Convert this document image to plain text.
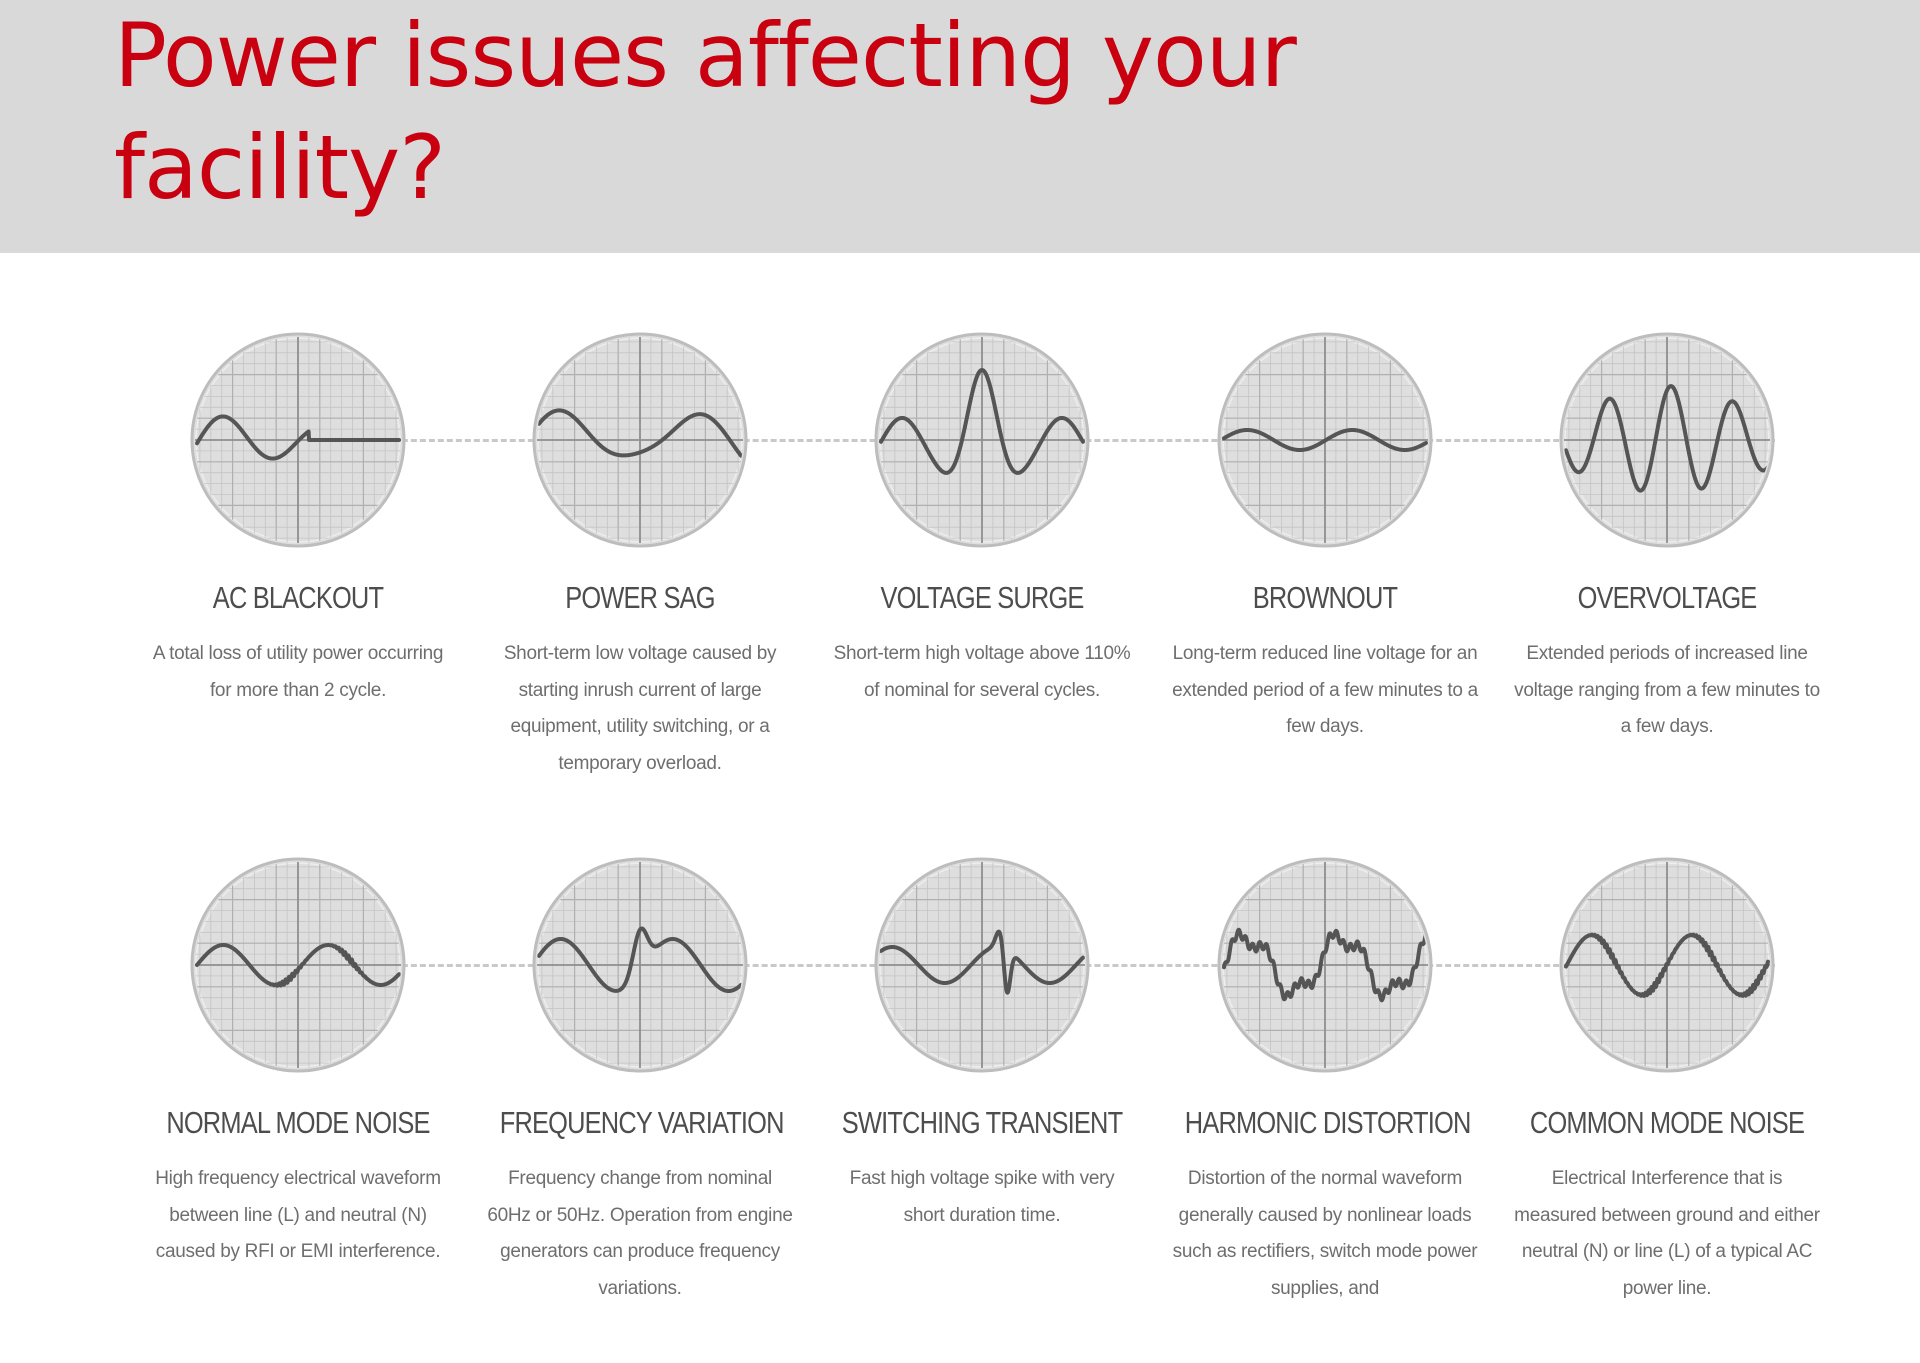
Power issues affecting your facility?
AC BLACKOUT
A total loss of utility power occurring for more than 2 cycle.
POWER SAG
Short-term low voltage caused by starting inrush current of large equipment, utility switching, or a temporary overload.
VOLTAGE SURGE
Short-term high voltage above 110% of nominal for several cycles.
BROWNOUT
Long-term reduced line voltage for an extended period of a few minutes to a few days.
OVERVOLTAGE
Extended periods of increased line voltage ranging from a few minutes to a few days.
NORMAL MODE NOISE
High frequency electrical waveform between line (L) and neutral (N) caused by RFI or EMI interference.
FREQUENCY VARIATION
Frequency change from nominal 60Hz or 50Hz. Operation from engine generators can produce frequency variations.
SWITCHING TRANSIENT
Fast high voltage spike with very short duration time.
HARMONIC DISTORTION
Distortion of the normal waveform generally caused by nonlinear loads such as rectifiers, switch mode power supplies, and
COMMON MODE NOISE
Electrical Interference that is measured between ground and either neutral (N) or line (L) of a typical AC power line.
